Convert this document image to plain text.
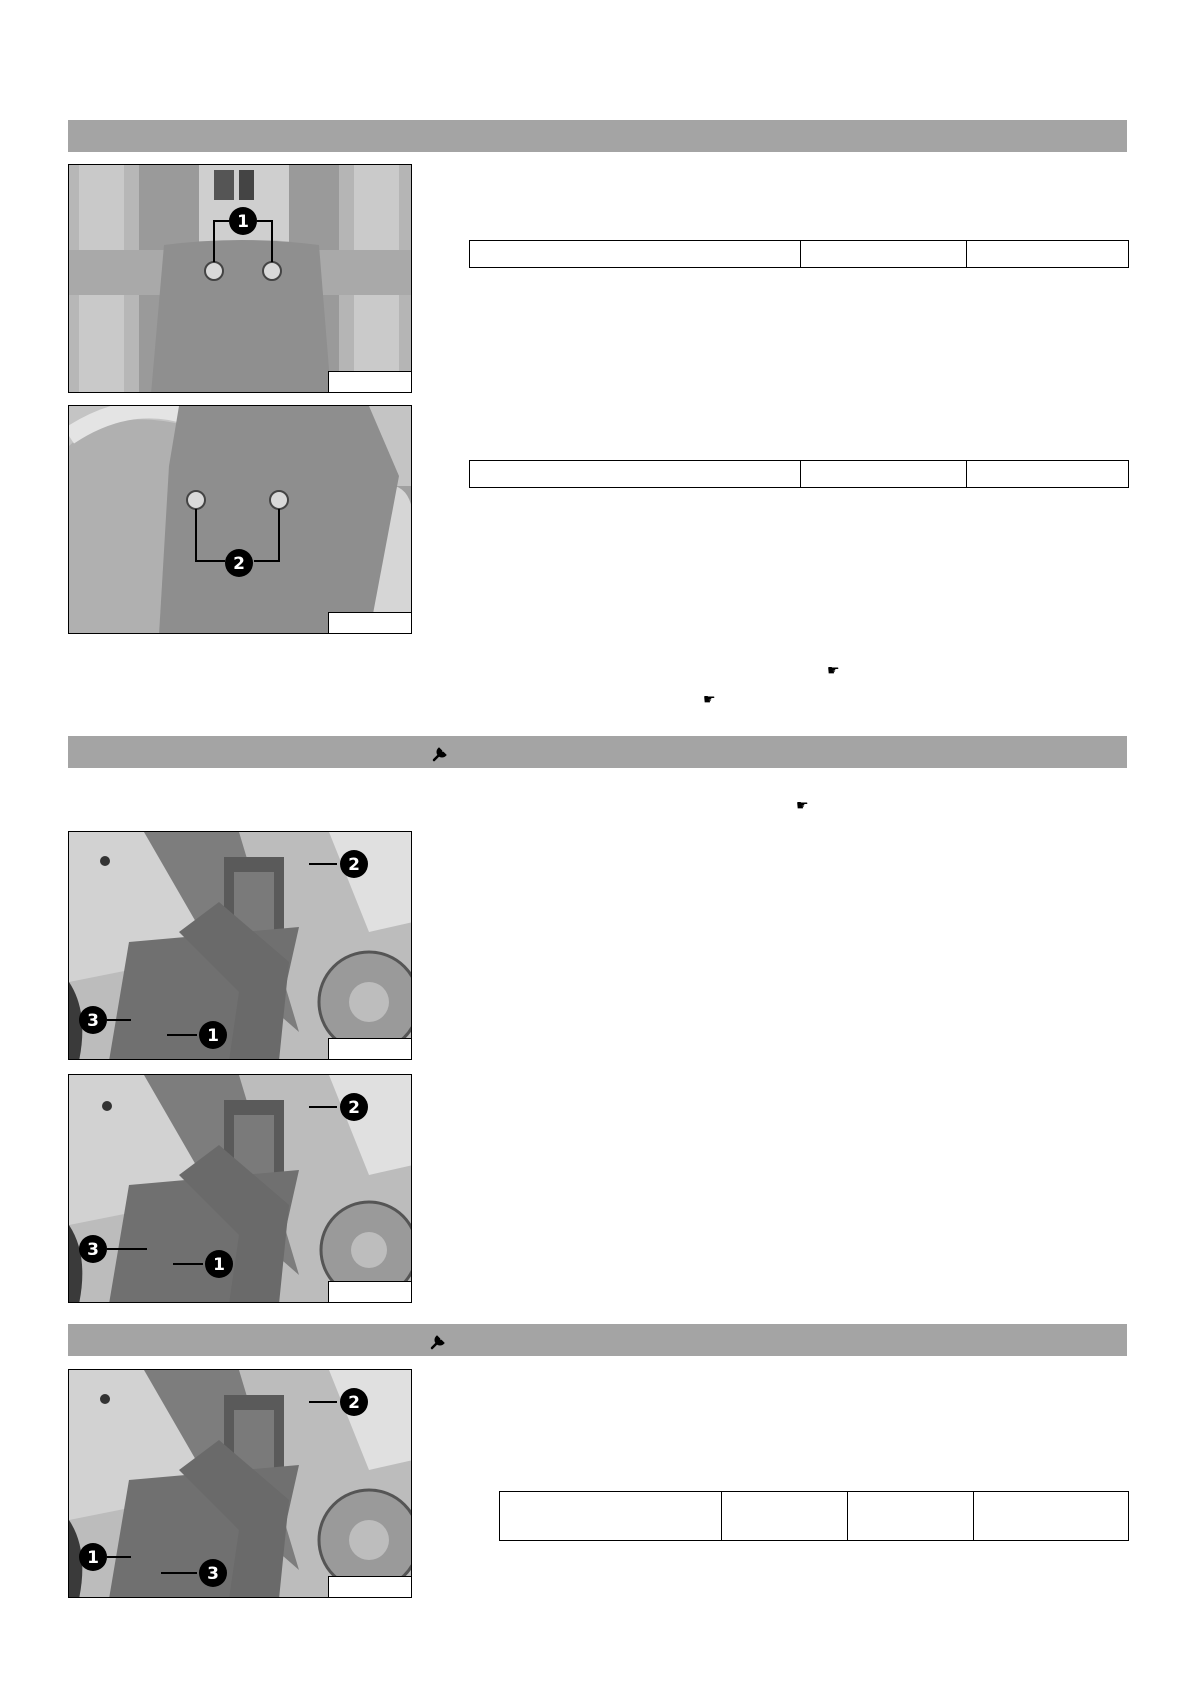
1

2

☛
☛
☛
2
1
3
2
1
3
2
1
3
